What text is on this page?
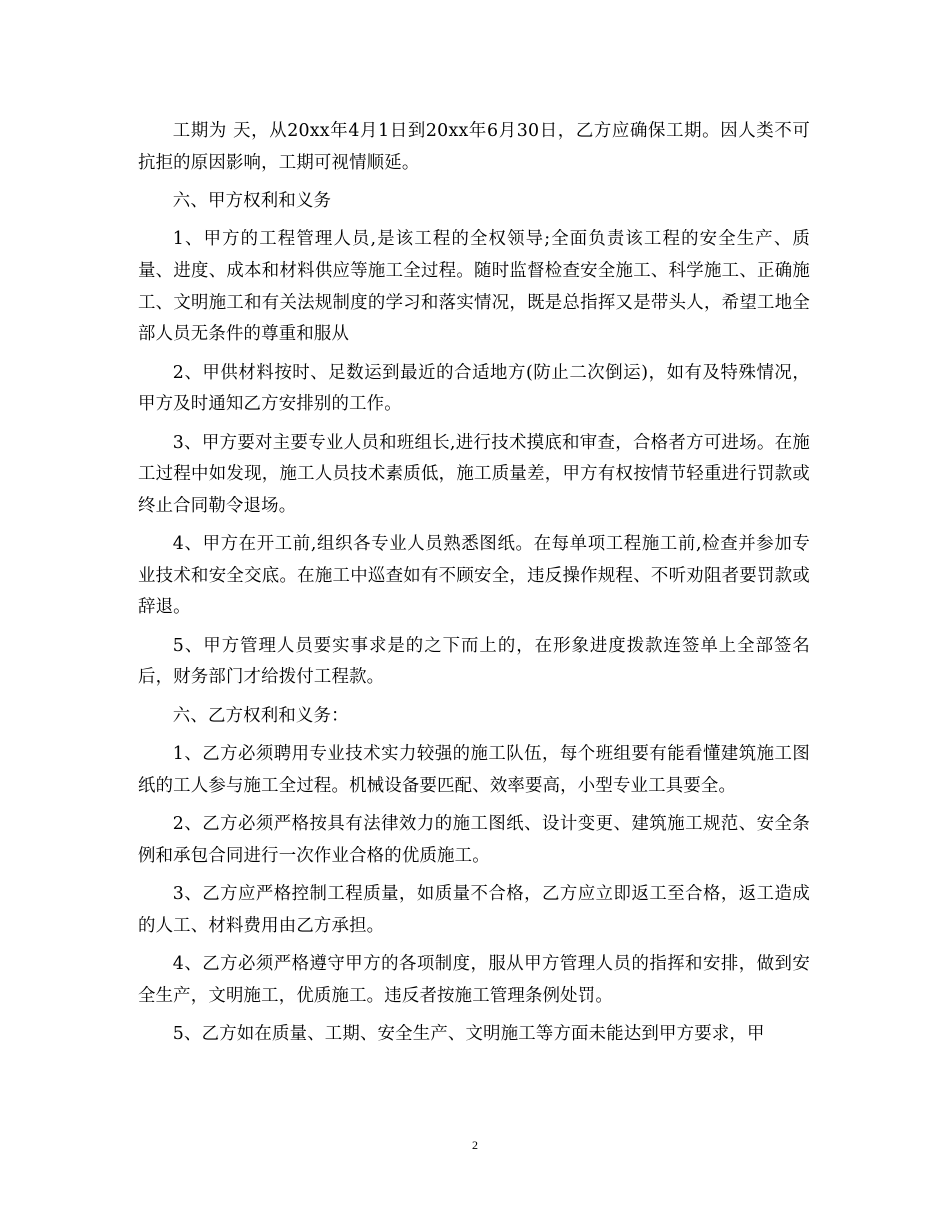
工期为 天，从20xx年4月1日到20xx年6月30日，乙方应确保工期。因人类不可抗拒的原因影响，工期可视情顺延。

六、甲方权利和义务

1、甲方的工程管理人员,是该工程的全权领导;全面负责该工程的安全生产、质量、进度、成本和材料供应等施工全过程。随时监督检查安全施工、科学施工、正确施工、文明施工和有关法规制度的学习和落实情况，既是总指挥又是带头人，希望工地全部人员无条件的尊重和服从

2、甲供材料按时、足数运到最近的合适地方(防止二次倒运)，如有及特殊情况，甲方及时通知乙方安排别的工作。

3、甲方要对主要专业人员和班组长,进行技术摸底和审查，合格者方可进场。在施工过程中如发现，施工人员技术素质低，施工质量差，甲方有权按情节轻重进行罚款或终止合同勒令退场。

4、甲方在开工前,组织各专业人员熟悉图纸。在每单项工程施工前,检查并参加专业技术和安全交底。在施工中巡查如有不顾安全，违反操作规程、不听劝阻者要罚款或辞退。

5、甲方管理人员要实事求是的之下而上的，在形象进度拨款连签单上全部签名后，财务部门才给拨付工程款。

六、乙方权利和义务：

1、乙方必须聘用专业技术实力较强的施工队伍，每个班组要有能看懂建筑施工图纸的工人参与施工全过程。机械设备要匹配、效率要高，小型专业工具要全。

2、乙方必须严格按具有法律效力的施工图纸、设计变更、建筑施工规范、安全条例和承包合同进行一次作业合格的优质施工。

3、乙方应严格控制工程质量，如质量不合格，乙方应立即返工至合格，返工造成的人工、材料费用由乙方承担。

4、乙方必须严格遵守甲方的各项制度，服从甲方管理人员的指挥和安排，做到安全生产，文明施工，优质施工。违反者按施工管理条例处罚。

5、乙方如在质量、工期、安全生产、文明施工等方面未能达到甲方要求，甲

2
